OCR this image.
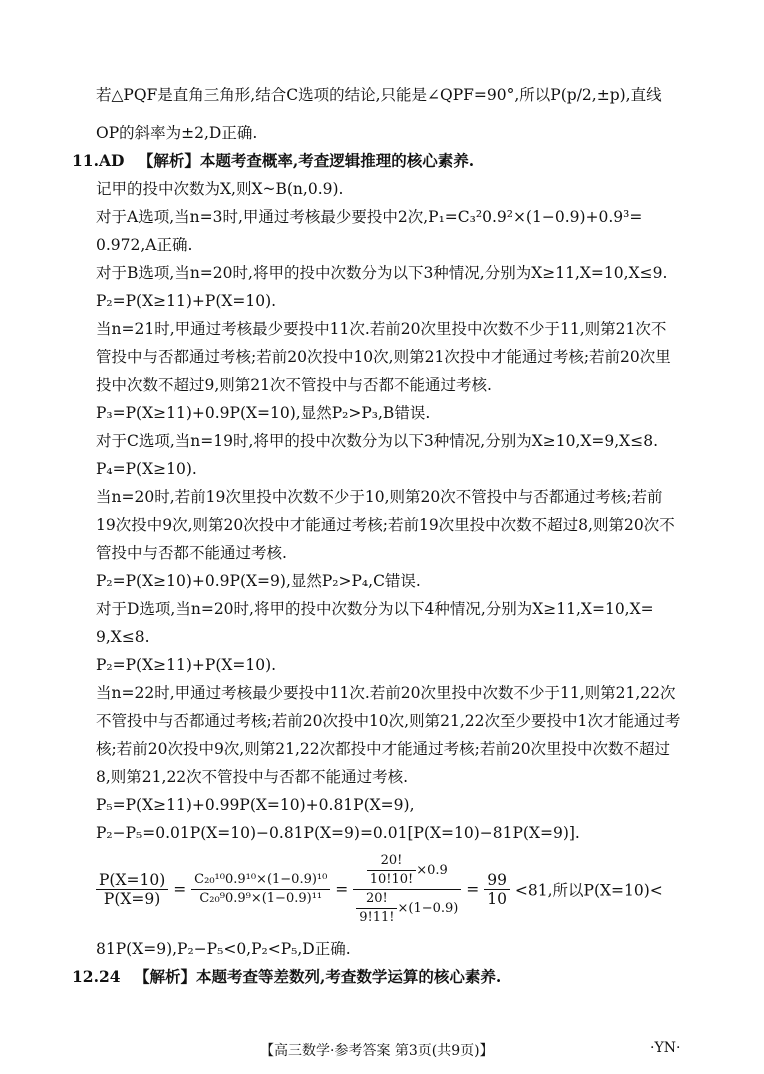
若△PQF是直角三角形,结合C选项的结论,只能是∠QPF=90°,所以P(p/2,±p),直线
OP的斜率为±2,D正确.
11.AD 【解析】本题考查概率,考查逻辑推理的核心素养.
记甲的投中次数为X,则X~B(n,0.9).
对于A选项,当n=3时,甲通过考核最少要投中2次,P₁=C₃²0.9²×(1−0.9)+0.9³=
0.972,A正确.
对于B选项,当n=20时,将甲的投中次数分为以下3种情况,分别为X≥11,X=10,X≤9.
P₂=P(X≥11)+P(X=10).
当n=21时,甲通过考核最少要投中11次.若前20次里投中次数不少于11,则第21次不
管投中与否都通过考核;若前20次投中10次,则第21次投中才能通过考核;若前20次里
投中次数不超过9,则第21次不管投中与否都不能通过考核.
P₃=P(X≥11)+0.9P(X=10),显然P₂>P₃,B错误.
对于C选项,当n=19时,将甲的投中次数分为以下3种情况,分别为X≥10,X=9,X≤8.
P₄=P(X≥10).
当n=20时,若前19次里投中次数不少于10,则第20次不管投中与否都通过考核;若前
19次投中9次,则第20次投中才能通过考核;若前19次里投中次数不超过8,则第20次不
管投中与否都不能通过考核.
P₂=P(X≥10)+0.9P(X=9),显然P₂>P₄,C错误.
对于D选项,当n=20时,将甲的投中次数分为以下4种情况,分别为X≥11,X=10,X=
9,X≤8.
P₂=P(X≥11)+P(X=10).
当n=22时,甲通过考核最少要投中11次.若前20次里投中次数不少于11,则第21,22次
不管投中与否都通过考核;若前20次投中10次,则第21,22次至少要投中1次才能通过考
核;若前20次投中9次,则第21,22次都投中才能通过考核;若前20次里投中次数不超过
8,则第21,22次不管投中与否都不能通过考核.
P₅=P(X≥11)+0.99P(X=10)+0.81P(X=9),
P₂−P₅=0.01P(X=10)−0.81P(X=9)=0.01[P(X=10)−81P(X=9)].
$\frac{P(X=10)}{P(X=9)} = \frac{\text{C₂₀¹⁰0.9¹⁰×(1−0.9)¹⁰}}{\text{C₂₀⁹0.9⁹×(1−0.9)¹¹}} = \frac{\frac{20!}{10!10!} \times 0.9}{\frac{20!}{9!11!} \times(1-0.9)} = \frac{99}{10} <81$,所以P(X=10)<
81P(X=9),P₂−P₅<0,P₂<P₅,D正确.
12.24 【解析】本题考查等差数列,考查数学运算的核心素养.
【高三数学·参考答案 第3页(共9页)】	·YN·
